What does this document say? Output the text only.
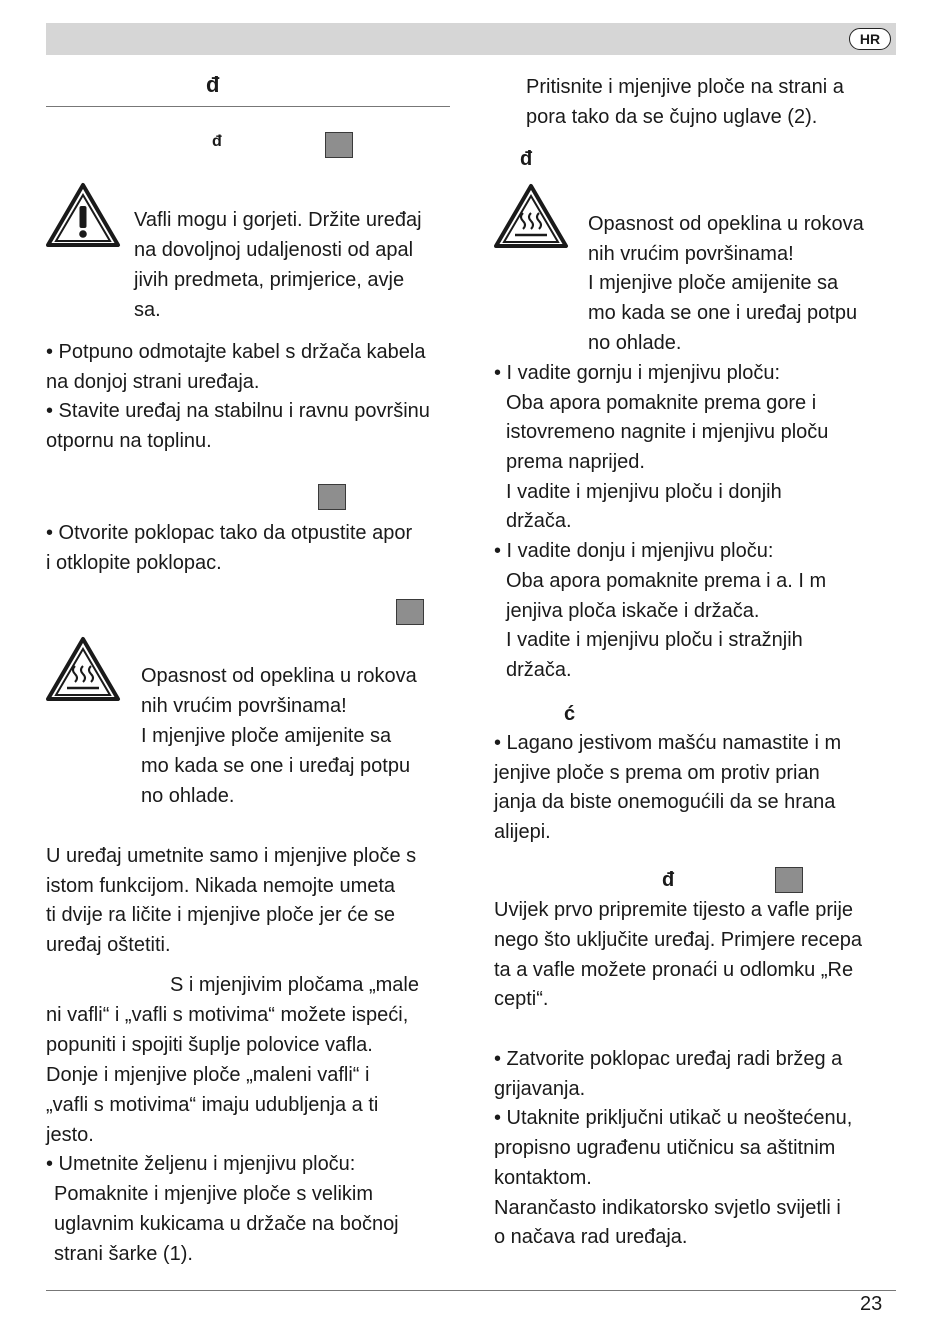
HR
đ
đ
Vafli mogu i gorjeti. Držite uređaj
na dovoljnoj udaljenosti od apal
jivih predmeta, primjerice, avje
sa.
• Potpuno odmotajte kabel s držača kabela
na donjoj strani uređaja.
• Stavite uređaj na stabilnu i ravnu površinu
otpornu na toplinu.
• Otvorite poklopac tako da otpustite apor
i otklopite poklopac.
Opasnost od opeklina u rokova
nih vrućim površinama!
I mjenjive ploče amijenite sa
mo kada se one i uređaj potpu
no ohlade.
U uređaj umetnite samo i mjenjive ploče s
istom funkcijom. Nikada nemojte umeta
ti dvije ra ličite i mjenjive ploče jer će se
uređaj oštetiti.
S i mjenjivim pločama „male
ni vafli“ i „vafli s motivima“ možete ispeći,
popuniti i spojiti šuplje polovice vafla.
Donje i mjenjive ploče „maleni vafli“ i
„vafli s motivima“ imaju udubljenja a ti
jesto.
• Umetnite željenu i mjenjivu ploču:
Pomaknite i mjenjive ploče s velikim
uglavnim kukicama u držače na bočnoj
strani šarke (1).
Pritisnite i mjenjive ploče na strani a
pora tako da se čujno uglave (2).
đ
Opasnost od opeklina u rokova
nih vrućim površinama!
I mjenjive ploče amijenite sa
mo kada se one i uređaj potpu
no ohlade.
• I vadite gornju i mjenjivu ploču:
Oba apora pomaknite prema gore i
istovremeno nagnite i mjenjivu ploču
prema naprijed.
I vadite i mjenjivu ploču i donjih
držača.
• I vadite donju i mjenjivu ploču:
Oba apora pomaknite prema i a. I m
jenjiva ploča iskače i držača.
I vadite i mjenjivu ploču i stražnjih
držača.
ć
• Lagano jestivom mašću namastite i m
jenjive ploče s prema om protiv prian
janja da biste onemogućili da se hrana
alijepi.
đ
Uvijek prvo pripremite tijesto a vafle prije
nego što uključite uređaj. Primjere recepa
ta a vafle možete pronaći u odlomku „Re
cepti“.
• Zatvorite poklopac uređaj radi bržeg a
grijavanja.
• Utaknite priključni utikač u neoštećenu,
propisno ugrađenu utičnicu sa aštitnim
kontaktom.
Narančasto indikatorsko svjetlo svijetli i
o načava rad uređaja.
23
